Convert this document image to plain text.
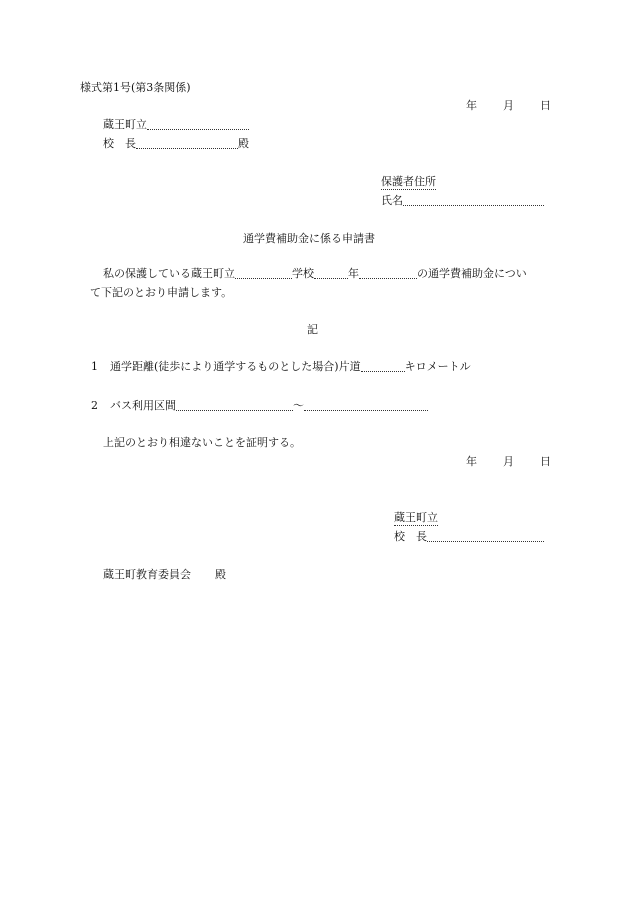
様式第1号(第3条関係)
年 月 日
蔵王町立
校　長	殿
保護者住所
氏名
通学費補助金に係る申請書
私の保護している蔵王町立	学校	年	の通学費補助金につい
て下記のとおり申請します。
記
1 通学距離(徒歩により通学するものとした場合)片道	キロメートル
2 バス利用区間	～
上記のとおり相違ないことを証明する。
年 月 日
蔵王町立
校　長
蔵王町教育委員会 殿
